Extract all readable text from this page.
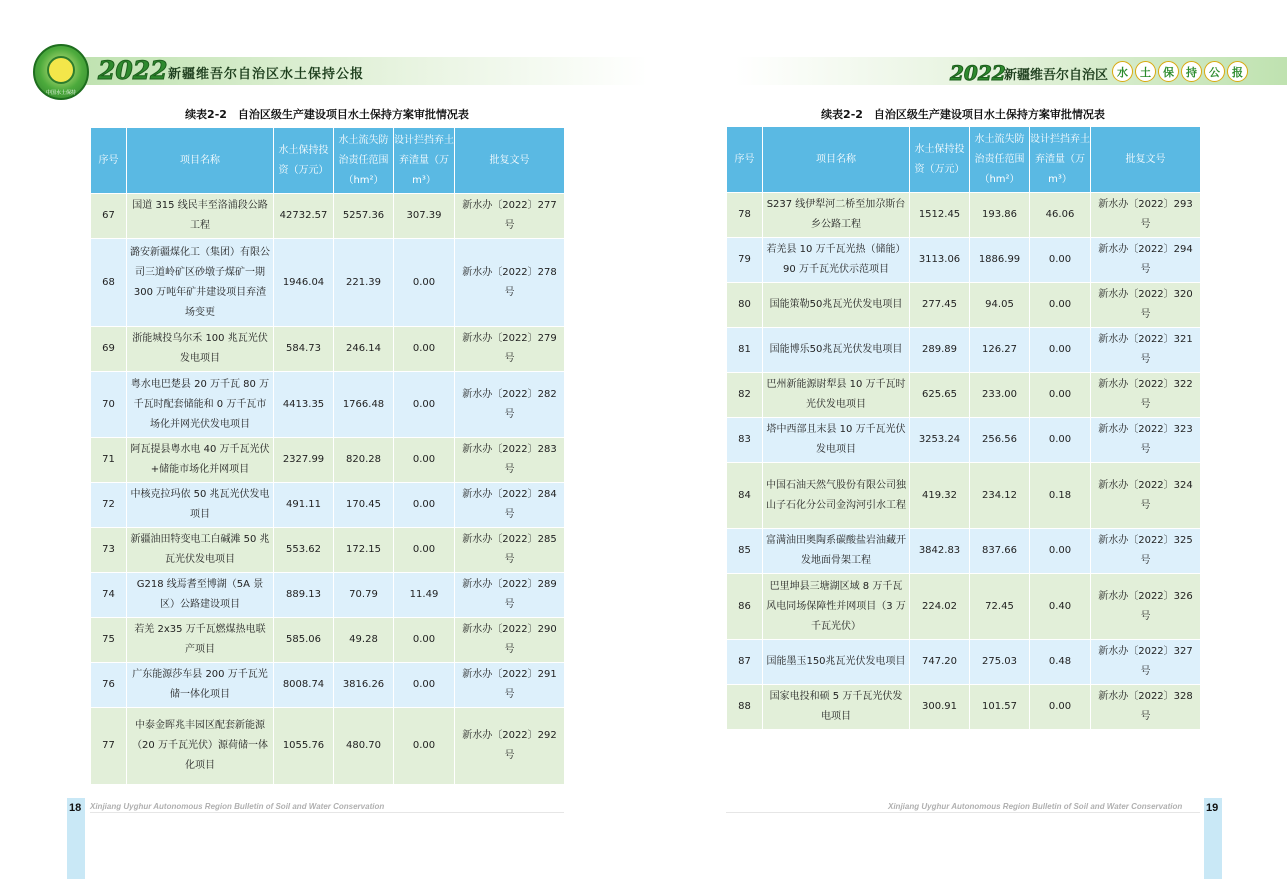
中国水土保持
2022 新疆维吾尔自治区水土保持公报	2022
新疆维吾尔自治区 水	土	保	持	公	报
续表2-2　自治区级生产建设项目水土保持方案审批情况表	续表2-2　自治区级生产建设项目水土保持方案审批情况表
序号	项目名称	水土保持投资（万元）	水土流失防治责任范围（hm²）	设计拦挡弃土弃渣量（万 m³）	批复文号
67	国道 315 线民丰至洛浦段公路工程	42732.57	5257.36	307.39	新水办〔2022〕277 号
68	潞安新疆煤化工（集团）有限公司三道岭矿区砂墩子煤矿一期 300 万吨年矿井建设项目弃渣场变更	1946.04	221.39	0.00	新水办〔2022〕278 号
69	浙能城投乌尔禾 100 兆瓦光伏发电项目	584.73	246.14	0.00	新水办〔2022〕279 号
70	粤水电巴楚县 20 万千瓦 80 万千瓦时配套储能和 0 万千瓦市场化并网光伏发电项目	4413.35	1766.48	0.00	新水办〔2022〕282 号
71	阿瓦提县粤水电 40 万千瓦光伏+储能市场化并网项目	2327.99	820.28	0.00	新水办〔2022〕283 号
72	中核克拉玛依 50 兆瓦光伏发电项目	491.11	170.45	0.00	新水办〔2022〕284 号
73	新疆油田特变电工白碱滩 50 兆瓦光伏发电项目	553.62	172.15	0.00	新水办〔2022〕285 号
74	G218 线焉耆至博湖（5A 景区）公路建设项目	889.13	70.79	11.49	新水办〔2022〕289 号
75	若羌 2x35 万千瓦燃煤热电联产项目	585.06	49.28	0.00	新水办〔2022〕290 号
76	广东能源莎车县 200 万千瓦光储一体化项目	8008.74	3816.26	0.00	新水办〔2022〕291 号
77	中泰金晖兆丰园区配套新能源（20 万千瓦光伏）源荷储一体化项目	1055.76	480.70	0.00	新水办〔2022〕292 号
序号	项目名称	水土保持投资（万元）	水土流失防治责任范围（hm²）	设计拦挡弃土弃渣量（万 m³）	批复文号
78	S237 线伊犁河二桥至加尕斯台乡公路工程	1512.45	193.86	46.06	新水办〔2022〕293 号
79	若羌县 10 万千瓦光热（储能）90 万千瓦光伏示范项目	3113.06	1886.99	0.00	新水办〔2022〕294 号
80	国能策勒50兆瓦光伏发电项目	277.45	94.05	0.00	新水办〔2022〕320 号
81	国能博乐50兆瓦光伏发电项目	289.89	126.27	0.00	新水办〔2022〕321 号
82	巴州新能源尉犁县 10 万千瓦时光伏发电项目	625.65	233.00	0.00	新水办〔2022〕322 号
83	塔中西部且末县 10 万千瓦光伏发电项目	3253.24	256.56	0.00	新水办〔2022〕323 号
84	中国石油天然气股份有限公司独山子石化分公司金沟河引水工程	419.32	234.12	0.18	新水办〔2022〕324 号
85	富满油田奥陶系碳酸盐岩油藏开发地面骨架工程	3842.83	837.66	0.00	新水办〔2022〕325 号
86	巴里坤县三塘湖区域 8 万千瓦风电同场保障性并网项目（3 万千瓦光伏）	224.02	72.45	0.40	新水办〔2022〕326 号
87	国能墨玉150兆瓦光伏发电项目	747.20	275.03	0.48	新水办〔2022〕327 号
88	国家电投和硕 5 万千瓦光伏发电项目	300.91	101.57	0.00	新水办〔2022〕328 号
18	19
Xinjiang Uyghur Autonomous Region Bulletin of Soil and Water Conservation	Xinjiang Uyghur Autonomous Region Bulletin of Soil and Water Conservation
